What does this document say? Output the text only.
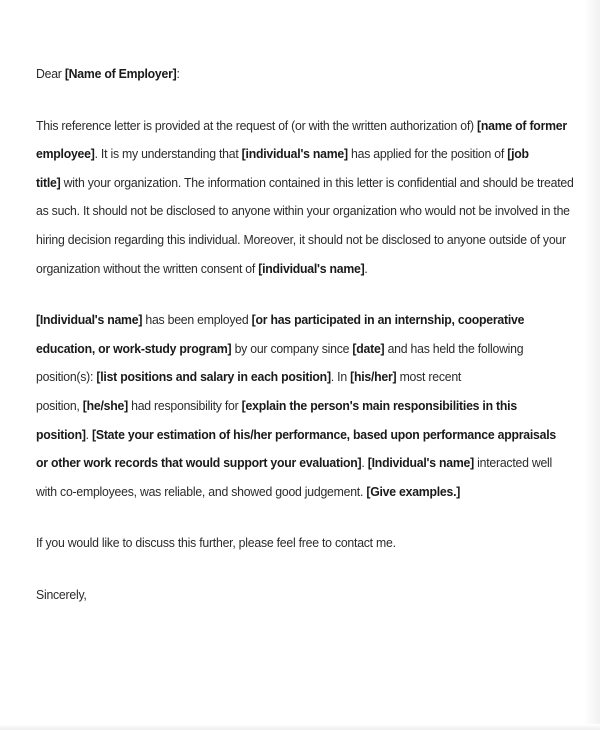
Dear [Name of Employer]:
This reference letter is provided at the request of (or with the written authorization of) [name of former
employee]. It is my understanding that [individual's name] has applied for the position of [job
title] with your organization. The information contained in this letter is confidential and should be treated
as such. It should not be disclosed to anyone within your organization who would not be involved in the
hiring decision regarding this individual. Moreover, it should not be disclosed to anyone outside of your
organization without the written consent of [individual's name].
[Individual's name] has been employed [or has participated in an internship, cooperative
education, or work-study program] by our company since [date] and has held the following
position(s): [list positions and salary in each position]. In [his/her] most recent
position, [he/she] had responsibility for [explain the person's main responsibilities in this
position]. [State your estimation of his/her performance, based upon performance appraisals
or other work records that would support your evaluation]. [Individual's name] interacted well
with co-employees, was reliable, and showed good judgement. [Give examples.]
If you would like to discuss this further, please feel free to contact me.
Sincerely,
